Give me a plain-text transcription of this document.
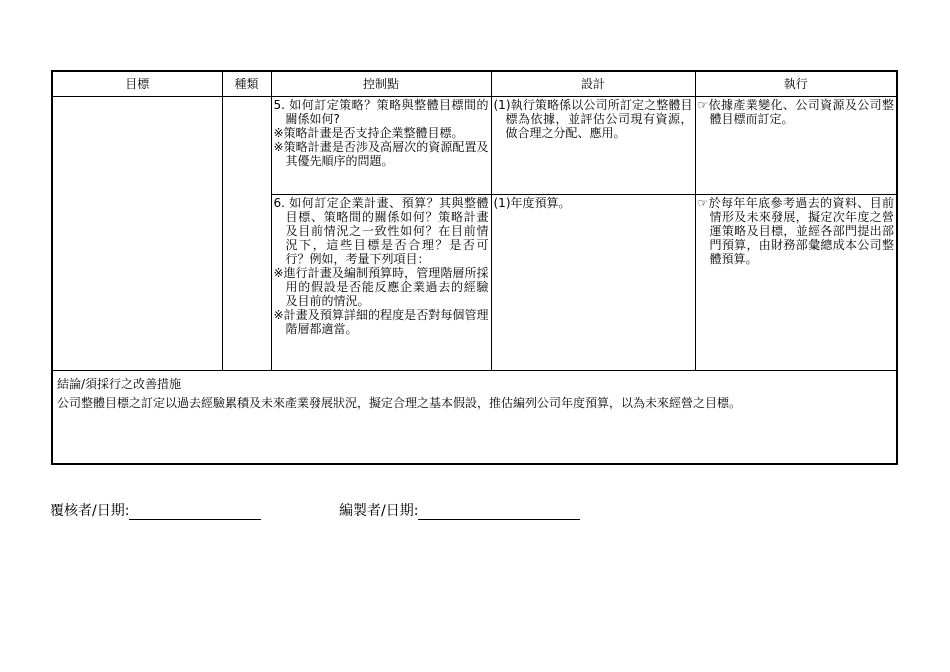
目標	種類	控制點	設計	執行

		5. 如何訂定策略？策略與整體目標間的關係如何?

※策略計畫是否支持企業整體目標。

※策略計畫是否涉及高層次的資源配置及其優先順序的問題。	(1)執行策略係以公司所訂定之整體目標為依據，並評估公司現有資源，做合理之分配、應用。	☞依據產業變化、公司資源及公司整體目標而訂定。

		6. 如何訂定企業計畫、預算？其與整體目標、策略間的關係如何？策略計畫及目前情況之一致性如何？在目前情況下，這些目標是否合理？是否可行？例如，考量下列項目：

※進行計畫及編制預算時，管理階層所採用的假設是否能反應企業過去的經驗及目前的情況。

※計畫及預算詳細的程度是否對每個管理階層都適當。	(1)年度預算。	☞於每年年底參考過去的資料、目前情形及未來發展，擬定次年度之營運策略及目標，並經各部門提出部門預算，由財務部彙總成本公司整體預算。

結論/須採行之改善措施
公司整體目標之訂定以過去經驗累積及未來產業發展狀況，擬定合理之基本假設，推估編列公司年度預算，以為未來經營之目標。
覆核者/日期:	編製者/日期:
